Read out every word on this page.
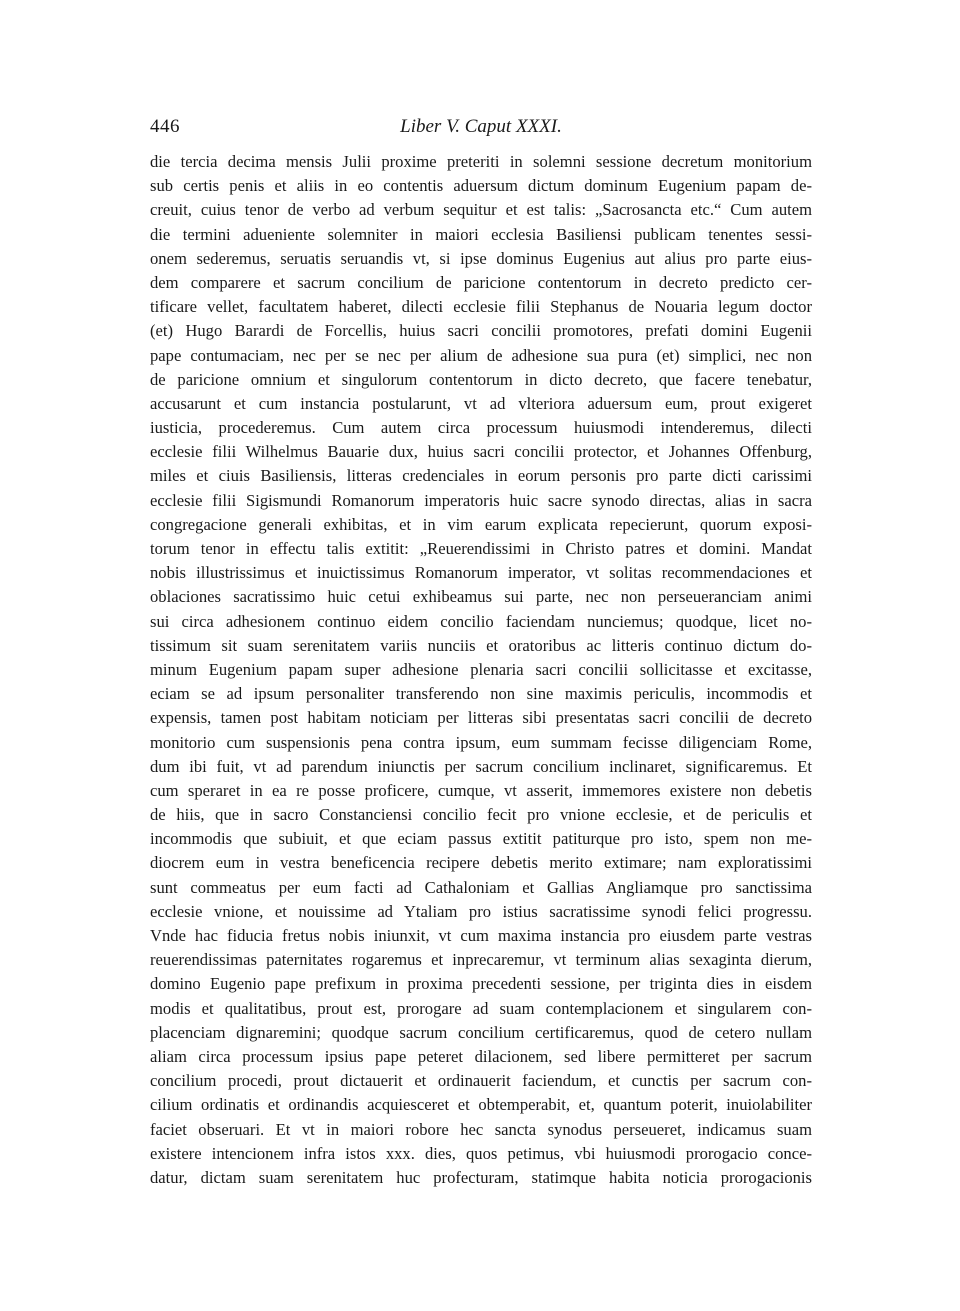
446	Liber V. Caput XXXI.
die tercia decima mensis Julii proxime preteriti in solemni sessione decretum monitorium
sub certis penis et aliis in eo contentis aduersum dictum dominum Eugenium papam de-
creuit, cuius tenor de verbo ad verbum sequitur et est talis: „Sacrosancta etc.“ Cum autem
die termini adueniente solemniter in maiori ecclesia Basiliensi publicam tenentes sessi-
onem sederemus, seruatis seruandis vt, si ipse dominus Eugenius aut alius pro parte eius-
dem comparere et sacrum concilium de paricione contentorum in decreto predicto cer-
tificare vellet, facultatem haberet, dilecti ecclesie filii Stephanus de Nouaria legum doctor
(et) Hugo Barardi de Forcellis, huius sacri concilii promotores, prefati domini Eugenii
pape contumaciam, nec per se nec per alium de adhesione sua pura (et) simplici, nec non
de paricione omnium et singulorum contentorum in dicto decreto, que facere tenebatur,
accusarunt et cum instancia postularunt, vt ad vlteriora aduersum eum, prout exigeret
iusticia, procederemus. Cum autem circa processum huiusmodi intenderemus, dilecti
ecclesie filii Wilhelmus Bauarie dux, huius sacri concilii protector, et Johannes Offenburg,
miles et ciuis Basiliensis, litteras credenciales in eorum personis pro parte dicti carissimi
ecclesie filii Sigismundi Romanorum imperatoris huic sacre synodo directas, alias in sacra
congregacione generali exhibitas, et in vim earum explicata repecierunt, quorum exposi-
torum tenor in effectu talis extitit: „Reuerendissimi in Christo patres et domini. Mandat
nobis illustrissimus et inuictissimus Romanorum imperator, vt solitas recommendaciones et
oblaciones sacratissimo huic cetui exhibeamus sui parte, nec non perseueranciam animi
sui circa adhesionem continuo eidem concilio faciendam nunciemus; quodque, licet no-
tissimum sit suam serenitatem variis nunciis et oratoribus ac litteris continuo dictum do-
minum Eugenium papam super adhesione plenaria sacri concilii sollicitasse et excitasse,
eciam se ad ipsum personaliter transferendo non sine maximis periculis, incommodis et
expensis, tamen post habitam noticiam per litteras sibi presentatas sacri concilii de decreto
monitorio cum suspensionis pena contra ipsum, eum summam fecisse diligenciam Rome,
dum ibi fuit, vt ad parendum iniunctis per sacrum concilium inclinaret, significaremus. Et
cum speraret in ea re posse proficere, cumque, vt asserit, immemores existere non debetis
de hiis, que in sacro Constanciensi concilio fecit pro vnione ecclesie, et de periculis et
incommodis que subiuit, et que eciam passus extitit patiturque pro isto, spem non me-
diocrem eum in vestra beneficencia recipere debetis merito extimare; nam exploratissimi
sunt commeatus per eum facti ad Cathaloniam et Gallias Angliamque pro sanctissima
ecclesie vnione, et nouissime ad Ytaliam pro istius sacratissime synodi felici progressu.
Vnde hac fiducia fretus nobis iniunxit, vt cum maxima instancia pro eiusdem parte vestras
reuerendissimas paternitates rogaremus et inprecaremur, vt terminum alias sexaginta dierum,
domino Eugenio pape prefixum in proxima precedenti sessione, per triginta dies in eisdem
modis et qualitatibus, prout est, prorogare ad suam contemplacionem et singularem con-
placenciam dignaremini; quodque sacrum concilium certificaremus, quod de cetero nullam
aliam circa processum ipsius pape peteret dilacionem, sed libere permitteret per sacrum
concilium procedi, prout dictauerit et ordinauerit faciendum, et cunctis per sacrum con-
cilium ordinatis et ordinandis acquiesceret et obtemperabit, et, quantum poterit, inuiolabiliter
faciet obseruari. Et vt in maiori robore hec sancta synodus perseueret, indicamus suam
existere intencionem infra istos xxx. dies, quos petimus, vbi huiusmodi prorogacio conce-
datur, dictam suam serenitatem huc profecturam, statimque habita noticia prorogacionis
